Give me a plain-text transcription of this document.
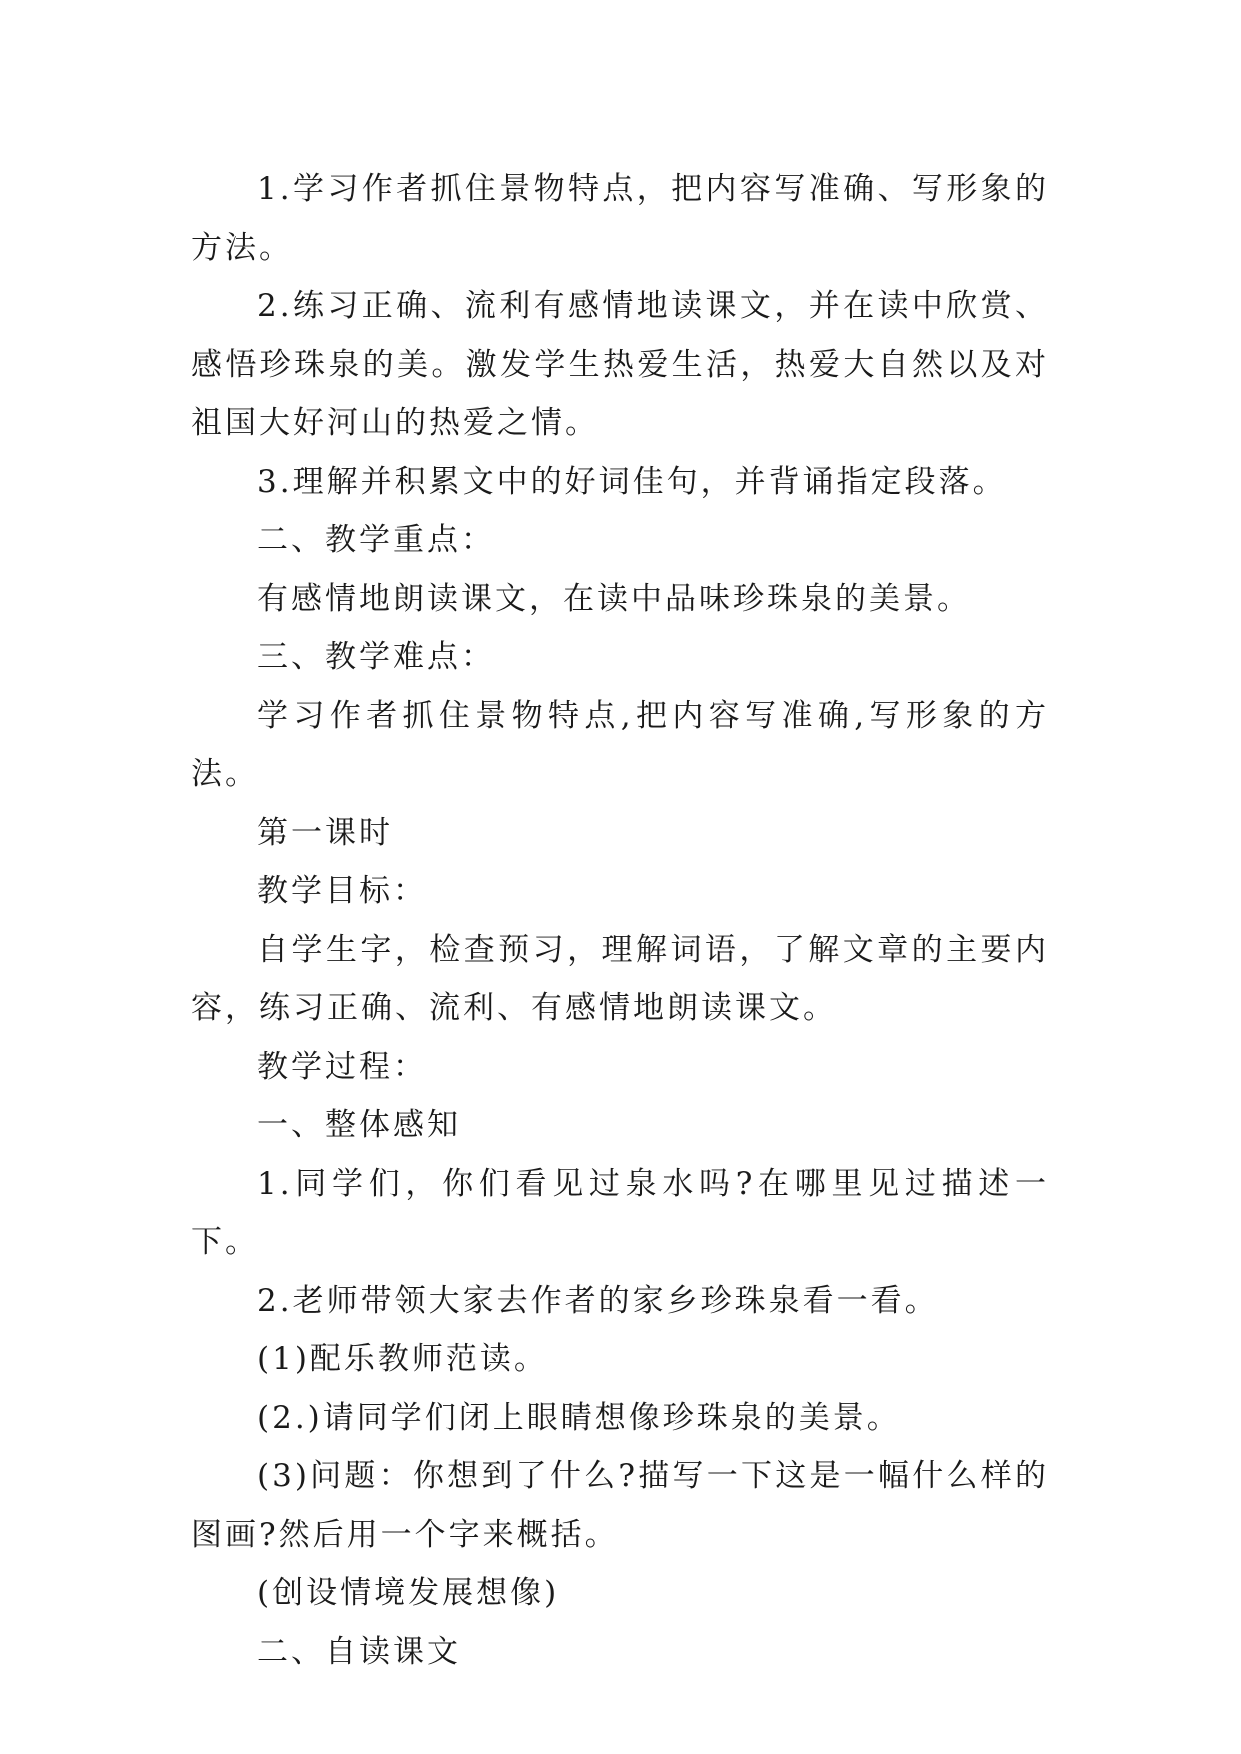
1.学习作者抓住景物特点，把内容写准确、写形象的方法。

2.练习正确、流利有感情地读课文，并在读中欣赏、感悟珍珠泉的美。激发学生热爱生活，热爱大自然以及对祖国大好河山的热爱之情。

3.理解并积累文中的好词佳句，并背诵指定段落。

二、教学重点：

有感情地朗读课文，在读中品味珍珠泉的美景。

三、教学难点：

学习作者抓住景物特点,把内容写准确,写形象的方法。

第一课时

教学目标：

自学生字，检查预习，理解词语，了解文章的主要内容，练习正确、流利、有感情地朗读课文。

教学过程：

一、整体感知

1.同学们，你们看见过泉水吗?在哪里见过描述一下。

2.老师带领大家去作者的家乡珍珠泉看一看。

(1)配乐教师范读。

(2.)请同学们闭上眼睛想像珍珠泉的美景。

(3)问题：你想到了什么?描写一下这是一幅什么样的图画?然后用一个字来概括。

(创设情境发展想像)

二、自读课文
